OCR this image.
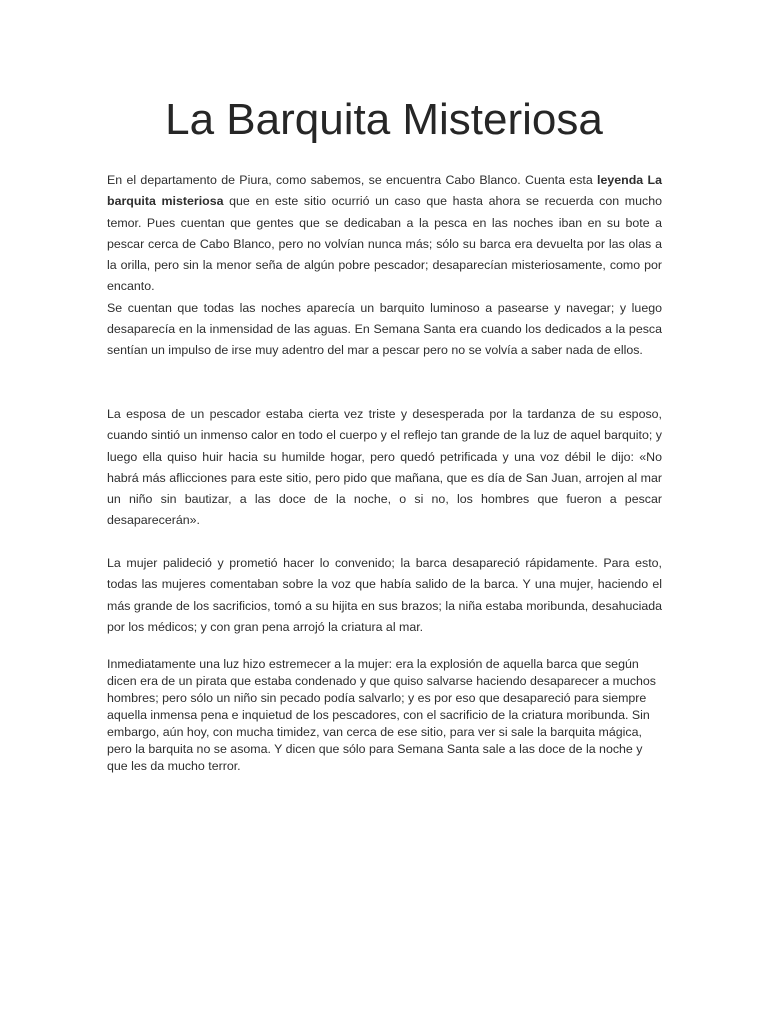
La Barquita Misteriosa

En el departamento de Piura, como sabemos, se encuentra Cabo Blanco. Cuenta esta leyenda La barquita misteriosa que en este sitio ocurrió un caso que hasta ahora se recuerda con mucho temor. Pues cuentan que gentes que se dedicaban a la pesca en las noches iban en su bote a pescar cerca de Cabo Blanco, pero no volvían nunca más; sólo su barca era devuelta por las olas a la orilla, pero sin la menor seña de algún pobre pescador; desaparecían misteriosamente, como por encanto.

Se cuentan que todas las noches aparecía un barquito luminoso a pasearse y navegar; y luego desaparecía en la inmensidad de las aguas. En Semana Santa era cuando los dedicados a la pesca sentían un impulso de irse muy adentro del mar a pescar pero no se volvía a saber nada de ellos.

La esposa de un pescador estaba cierta vez triste y desesperada por la tardanza de su esposo, cuando sintió un inmenso calor en todo el cuerpo y el reflejo tan grande de la luz de aquel barquito; y luego ella quiso huir hacia su humilde hogar, pero quedó petrificada y una voz débil le dijo: «No habrá más aflicciones para este sitio, pero pido que mañana, que es día de San Juan, arrojen al mar un niño sin bautizar, a las doce de la noche, o si no, los hombres que fueron a pescar desaparecerán».

La mujer palideció y prometió hacer lo convenido; la barca desapareció rápidamente. Para esto, todas las mujeres comentaban sobre la voz que había salido de la barca. Y una mujer, haciendo el más grande de los sacrificios, tomó a su hijita en sus brazos; la niña estaba moribunda, desahuciada por los médicos; y con gran pena arrojó la criatura al mar.

Inmediatamente una luz hizo estremecer a la mujer: era la explosión de aquella barca que según dicen era de un pirata que estaba condenado y que quiso salvarse haciendo desaparecer a muchos hombres; pero sólo un niño sin pecado podía salvarlo; y es por eso que desapareció para siempre aquella inmensa pena e inquietud de los pescadores, con el sacrificio de la criatura moribunda. Sin embargo, aún hoy, con mucha timidez, van cerca de ese sitio, para ver si sale la barquita mágica, pero la barquita no se asoma. Y dicen que sólo para Semana Santa sale a las doce de la noche y que les da mucho terror.
